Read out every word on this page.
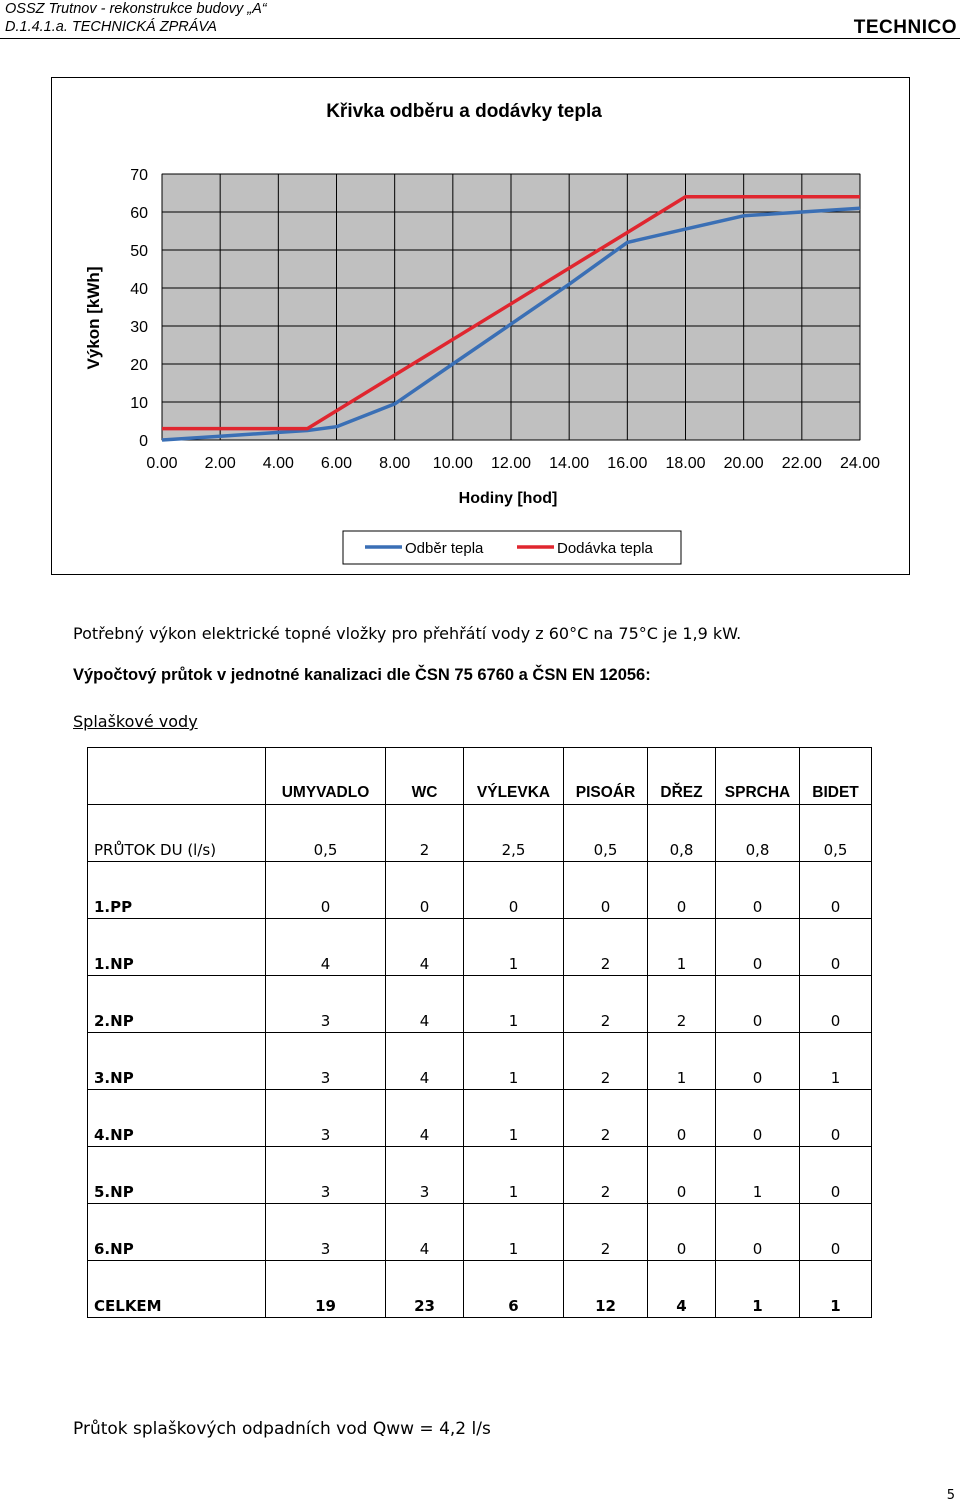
OSSZ Trutnov - rekonstrukce budovy „A“
D.1.4.1.a. TECHNICKÁ ZPRÁVA	TECHNICO
Křivka odběru a dodávky tepla
0
10
20
30
40
50
60
70
0.00 2.00 4.00 6.00 8.00 10.00 12.00 14.00 16.00 18.00 20.00 22.00 24.00
Výkon [kWh]
Hodiny [hod]
Odběr tepla	Dodávka tepla
Potřebný výkon elektrické topné vložky pro přehřátí vody z 60°C na 75°C je 1,9 kW.
Výpočtový průtok v jednotné kanalizaci dle ČSN 75 6760 a ČSN EN 12056:
Splaškové vody
	UMYVADLO	WC	VÝLEVKA	PISOÁR	DŘEZ	SPRCHA	BIDET
PRŮTOK DU (l/s)	0,5	2	2,5	0,5	0,8	0,8	0,5
1.PP	0	0	0	0	0	0	0
1.NP	4	4	1	2	1	0	0
2.NP	3	4	1	2	2	0	0
3.NP	3	4	1	2	1	0	1
4.NP	3	4	1	2	0	0	0
5.NP	3	3	1	2	0	1	0
6.NP	3	4	1	2	0	0	0
CELKEM	19	23	6	12	4	1	1
Průtok splaškových odpadních vod Qww = 4,2 l/s
5
